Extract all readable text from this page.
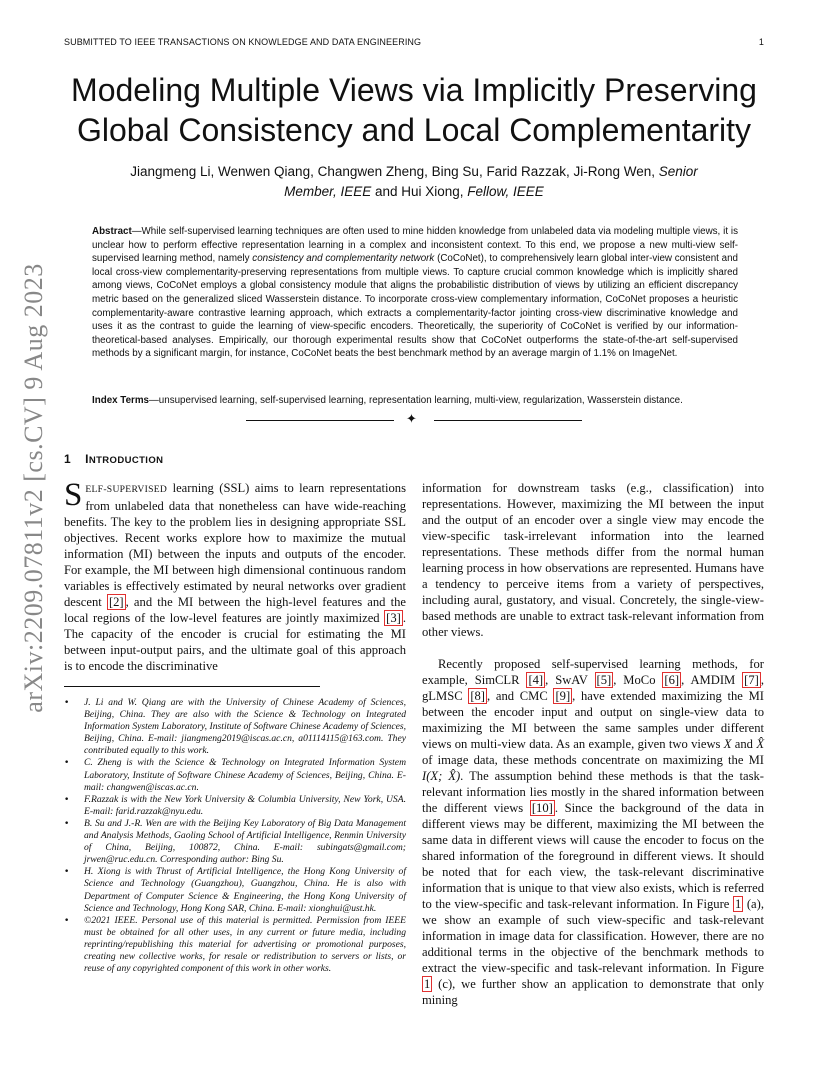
SUBMITTED TO IEEE TRANSACTIONS ON KNOWLEDGE AND DATA ENGINEERING	1
Modeling Multiple Views via Implicitly Preserving
Global Consistency and Local Complementarity
Jiangmeng Li, Wenwen Qiang, Changwen Zheng, Bing Su, Farid Razzak, Ji-Rong Wen, Senior
Member, IEEE and Hui Xiong, Fellow, IEEE
Abstract—While self-supervised learning techniques are often used to mine hidden knowledge from unlabeled data via modeling multiple views, it is unclear how to perform effective representation learning in a complex and inconsistent context. To this end, we propose a new multi-view self-supervised learning method, namely consistency and complementarity network (CoCoNet), to comprehensively learn global inter-view consistent and local cross-view complementarity-preserving representations from multiple views. To capture crucial common knowledge which is implicitly shared among views, CoCoNet employs a global consistency module that aligns the probabilistic distribution of views by utilizing an efficient discrepancy metric based on the generalized sliced Wasserstein distance. To incorporate cross-view complementary information, CoCoNet proposes a heuristic complementarity-aware contrastive learning approach, which extracts a complementarity-factor jointing cross-view discriminative knowledge and uses it as the contrast to guide the learning of view-specific encoders. Theoretically, the superiority of CoCoNet is verified by our information-theoretical-based analyses. Empirically, our thorough experimental results show that CoCoNet outperforms the state-of-the-art self-supervised methods by a significant margin, for instance, CoCoNet beats the best benchmark method by an average margin of 1.1% on ImageNet.
Index Terms—unsupervised learning, self-supervised learning, representation learning, multi-view, regularization, Wasserstein distance.
✦
arXiv:2209.07811v2 [cs.CV] 9 Aug 2023 1 INTRODUCTION

SELF-SUPERVISED learning (SSL) aims to learn representations from unlabeled data that nonetheless can have wide-reaching benefits. The key to the problem lies in designing appropriate SSL objectives. Recent works explore how to maximize the mutual information (MI) between the inputs and outputs of the encoder. For example, the MI between high dimensional continuous random variables is effectively estimated by neural networks over gradient descent [2] , and the MI between the high-level features and the local regions of the low-level features are jointly maximized [3] . The capacity of the encoder is crucial for estimating the MI between input-output pairs, and the ultimate goal of this approach is to encode the discriminative

• J. Li and W. Qiang are with the University of Chinese Academy of Sciences, Beijing, China. They are also with the Science & Technology on Integrated Information System Laboratory, Institute of Software Chinese Academy of Sciences, Beijing, China. E-mail: jiangmeng2019@iscas.ac.cn, a01114115@163.com. They contributed equally to this work.
• C. Zheng is with the Science & Technology on Integrated Information System Laboratory, Institute of Software Chinese Academy of Sciences, Beijing, China. E-mail: changwen@iscas.ac.cn.
• F.Razzak is with the New York University & Columbia University, New York, USA. E-mail: farid.razzak@nyu.edu.
• B. Su and J.-R. Wen are with the Beijing Key Laboratory of Big Data Management and Analysis Methods, Gaoling School of Artificial Intelligence, Renmin University of China, Beijing, 100872, China. E-mail: subingats@gmail.com; jrwen@ruc.edu.cn. Corresponding author: Bing Su.
• H. Xiong is with Thrust of Artificial Intelligence, the Hong Kong University of Science and Technology (Guangzhou), Guangzhou, China. He is also with Department of Computer Science & Engineering, the Hong Kong University of Science and Technology, Hong Kong SAR, China. E-mail: xionghui@ust.hk.
• ©2021 IEEE. Personal use of this material is permitted. Permission from IEEE must be obtained for all other uses, in any current or future media, including reprinting/republishing this material for advertising or promotional purposes, creating new collective works, for resale or redistribution to servers or lists, or reuse of any copyrighted component of this work in other works.

information for downstream tasks (e.g., classification) into representations. However, maximizing the MI between the input and the output of an encoder over a single view may encode the view-specific task-irrelevant information into the learned representations. These methods differ from the normal human learning process in how observations are represented. Humans have a tendency to perceive items from a variety of perspectives, including aural, gustatory, and visual. Concretely, the single-view-based methods are unable to extract task-relevant information from other views.

Recently proposed self-supervised learning methods, for example, SimCLR [4] , SwAV [5] , MoCo [6] , AMDIM [7] , gLMSC [8] , and CMC [9] , have extended maximizing the MI between the encoder input and output on single-view data to maximizing the MI between the same samples under different views on multi-view data. As an example, given two views X and X̂ of image data, these methods concentrate on maximizing the MI I(X; X̂). The assumption behind these methods is that the task-relevant information lies mostly in the shared information between the different views [10] . Since the background of the data in different views may be different, maximizing the MI between the same data in different views will cause the encoder to focus on the shared information of the foreground in different views. It should be noted that for each view, the task-relevant discriminative information that is unique to that view also exists, which is referred to the view-specific and task-relevant information. In Figure 1 (a), we show an example of such view-specific and task-relevant information in image data for classification. However, there are no additional terms in the objective of the benchmark methods to extract the view-specific and task-relevant information. In Figure 1 (c), we further show an application to demonstrate that only mining
